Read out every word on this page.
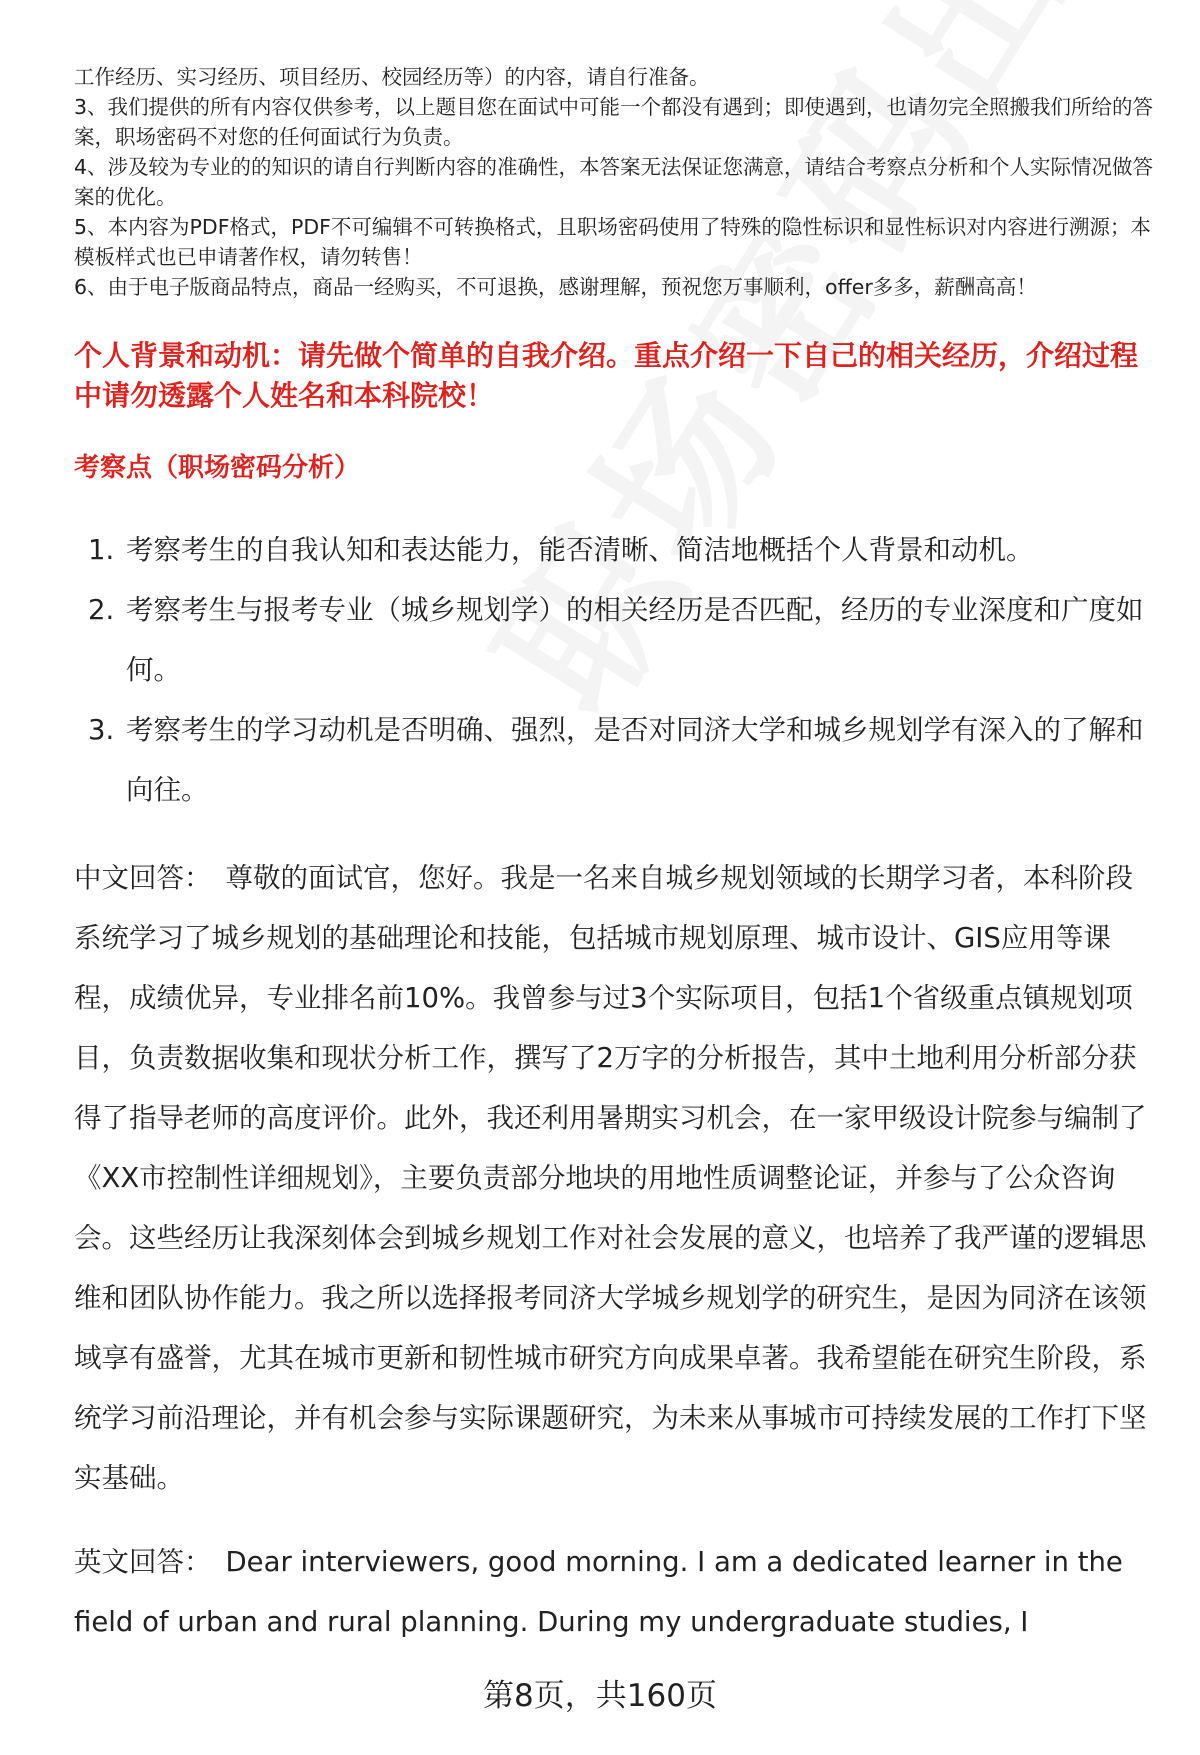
工作经历、实习经历、项目经历、校园经历等）的内容，请自行准备。

3、我们提供的所有内容仅供参考，以上题目您在面试中可能一个都没有遇到；即使遇到，也请勿完全照搬我们所给的答案，职场密码不对您的任何面试行为负责。

4、涉及较为专业的的知识的请自行判断内容的准确性，本答案无法保证您满意，请结合考察点分析和个人实际情况做答案的优化。

5、本内容为PDF格式，PDF不可编辑不可转换格式，且职场密码使用了特殊的隐性标识和显性标识对内容进行溯源；本模板样式也已申请著作权，请勿转售！

6、由于电子版商品特点，商品一经购买，不可退换，感谢理解，预祝您万事顺利，offer多多，薪酬高高！

个人背景和动机：请先做个简单的自我介绍。重点介绍一下自己的相关经历，介绍过程中请勿透露个人姓名和本科院校！

考察点（职场密码分析）

1. 考察考生的自我认知和表达能力，能否清晰、简洁地概括个人背景和动机。
2. 考察考生与报考专业（城乡规划学）的相关经历是否匹配，经历的专业深度和广度如何。
3. 考察考生的学习动机是否明确、强烈，是否对同济大学和城乡规划学有深入的了解和向往。

中文回答： 尊敬的面试官，您好。我是一名来自城乡规划领域的长期学习者，本科阶段系统学习了城乡规划的基础理论和技能，包括城市规划原理、城市设计、GIS应用等课程，成绩优异，专业排名前10%。我曾参与过3个实际项目，包括1个省级重点镇规划项目，负责数据收集和现状分析工作，撰写了2万字的分析报告，其中土地利用分析部分获得了指导老师的高度评价。此外，我还利用暑期实习机会，在一家甲级设计院参与编制了《XX市控制性详细规划》，主要负责部分地块的用地性质调整论证，并参与了公众咨询会。这些经历让我深刻体会到城乡规划工作对社会发展的意义，也培养了我严谨的逻辑思维和团队协作能力。我之所以选择报考同济大学城乡规划学的研究生，是因为同济在该领域享有盛誉，尤其在城市更新和韧性城市研究方向成果卓著。我希望能在研究生阶段，系统学习前沿理论，并有机会参与实际课题研究，为未来从事城市可持续发展的工作打下坚实基础。

英文回答： Dear interviewers, good morning. I am a dedicated learner in the field of urban and rural planning. During my undergraduate studies, I

第8页，共160页
